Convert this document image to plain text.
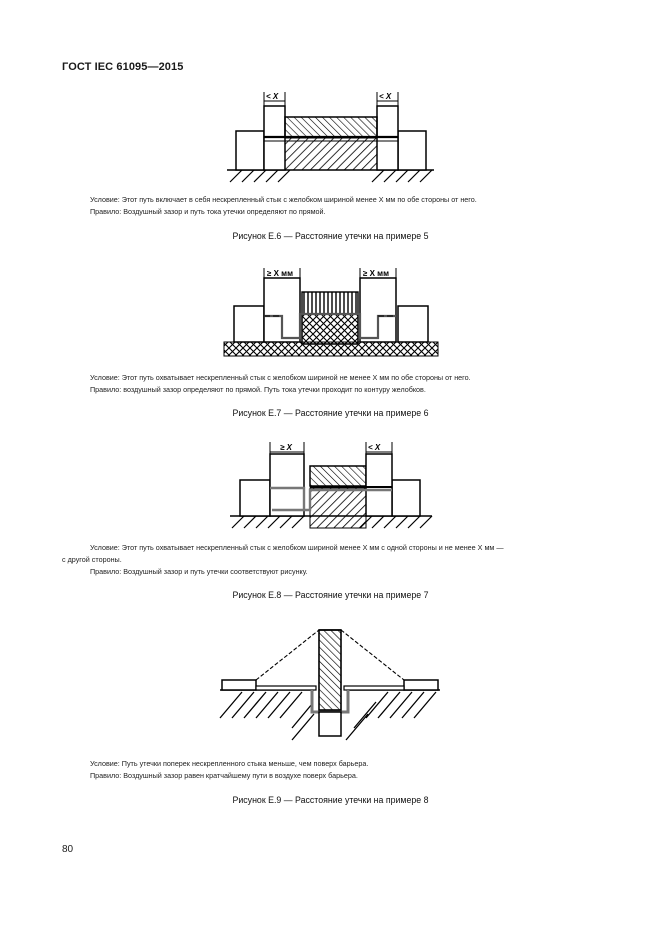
ГОСТ IEC 61095—2015
< X	< X
Условие: Этот путь включает в себя нескрепленный стык с желобком шириной менее X мм по обе стороны от него.
Правило: Воздушный зазор и путь тока утечки определяют по прямой.
Рисунок Е.6 — Расстояние утечки на примере 5
≥ X мм	≥ X мм
Условие: Этот путь охватывает нескрепленный стык с желобком шириной не менее X мм по обе стороны от него.
Правило: воздушный зазор определяют по прямой. Путь тока утечки проходит по контуру желобков.
Рисунок Е.7 — Расстояние утечки на примере 6
≥ X	< X
Условие: Этот путь охватывает нескрепленный стык с желобком шириной менее X мм с одной стороны и не менее X мм —
с другой стороны.
Правило: Воздушный зазор и путь утечки соответствуют рисунку.
Рисунок Е.8 — Расстояние утечки на примере 7
Условие: Путь утечки поперек нескрепленного стыка меньше, чем поверх барьера.
Правило: Воздушный зазор равен кратчайшему пути в воздухе поверх барьера.
Рисунок Е.9 — Расстояние утечки на примере 8
80
